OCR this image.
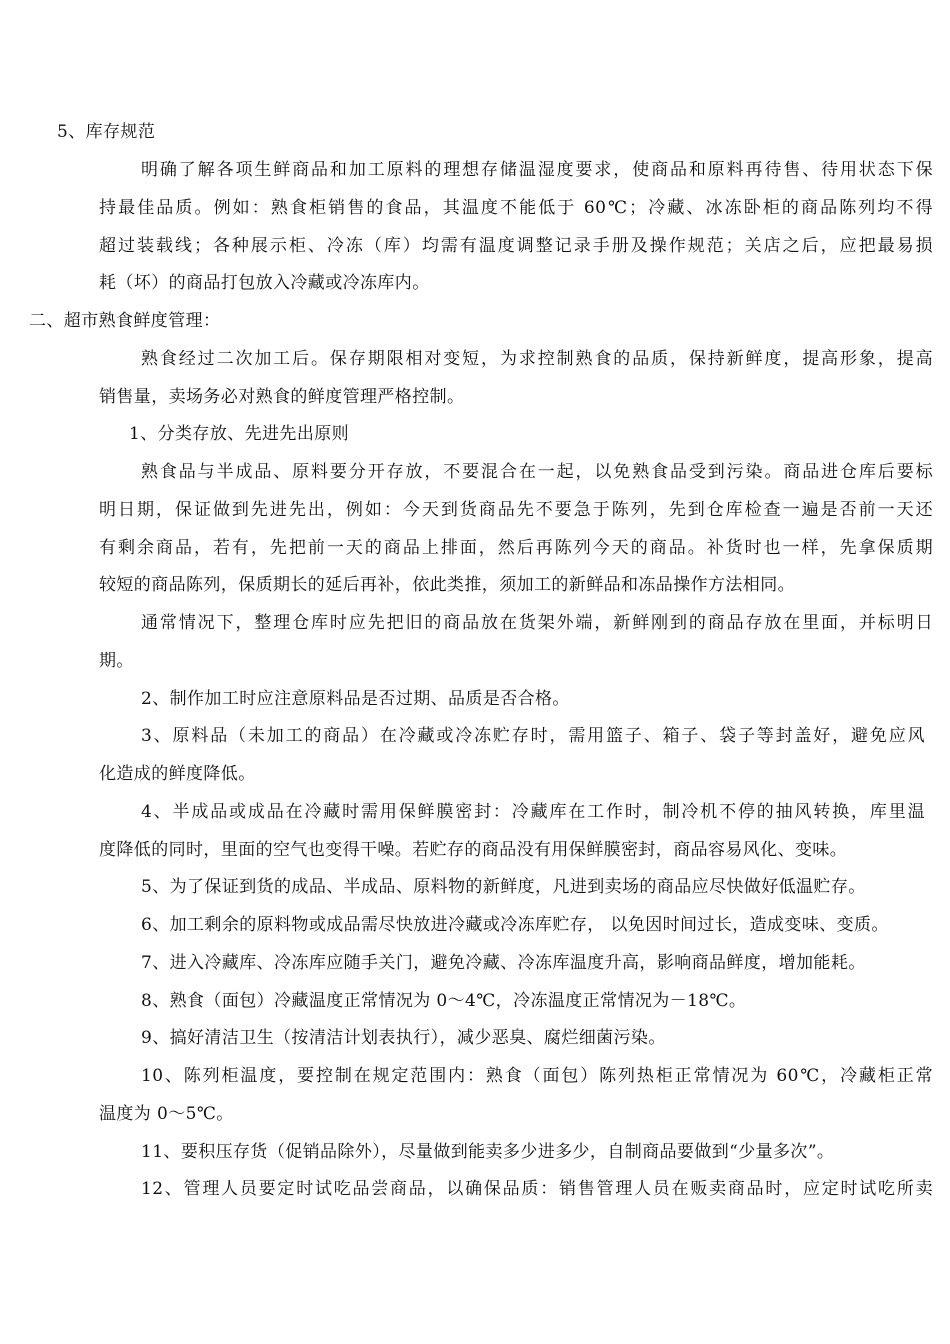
5、库存规范
明确了解各项生鲜商品和加工原料的理想存储温湿度要求，使商品和原料再待售、待用状态下保
持最佳品质。例如：熟食柜销售的食品，其温度不能低于 60℃；冷藏、冰冻卧柜的商品陈列均不得
超过装载线；各种展示柜、冷冻（库）均需有温度调整记录手册及操作规范；关店之后，应把最易损
耗（坏）的商品打包放入冷藏或冷冻库内。
二、超市熟食鲜度管理：
熟食经过二次加工后。保存期限相对变短，为求控制熟食的品质，保持新鲜度，提高形象，提高
销售量，卖场务必对熟食的鲜度管理严格控制。
1、分类存放、先进先出原则
熟食品与半成品、原料要分开存放，不要混合在一起，以免熟食品受到污染。商品进仓库后要标
明日期，保证做到先进先出，例如：今天到货商品先不要急于陈列，先到仓库检查一遍是否前一天还
有剩余商品，若有，先把前一天的商品上排面，然后再陈列今天的商品。补货时也一样，先拿保质期
较短的商品陈列，保质期长的延后再补，依此类推，须加工的新鲜品和冻品操作方法相同。
通常情况下，整理仓库时应先把旧的商品放在货架外端，新鲜刚到的商品存放在里面，并标明日
期。
2、制作加工时应注意原料品是否过期、品质是否合格。
3、原料品（未加工的商品）在冷藏或冷冻贮存时，需用篮子、箱子、袋子等封盖好，避免应风
化造成的鲜度降低。
4、半成品或成品在冷藏时需用保鲜膜密封：冷藏库在工作时，制冷机不停的抽风转换，库里温
度降低的同时，里面的空气也变得干噪。若贮存的商品没有用保鲜膜密封，商品容易风化、变味。
5、为了保证到货的成品、半成品、原料物的新鲜度，凡进到卖场的商品应尽快做好低温贮存。
6、加工剩余的原料物或成品需尽快放进冷藏或冷冻库贮存， 以免因时间过长，造成变味、变质。
7、进入冷藏库、冷冻库应随手关门，避免冷藏、冷冻库温度升高，影响商品鲜度，增加能耗。
8、熟食（面包）冷藏温度正常情况为 0～4℃，冷冻温度正常情况为－18℃。
9、搞好清洁卫生（按清洁计划表执行），减少恶臭、腐烂细菌污染。
10、陈列柜温度，要控制在规定范围内：熟食（面包）陈列热柜正常情况为 60℃，冷藏柜正常
温度为 0～5℃。
11、要积压存货（促销品除外），尽量做到能卖多少进多少，自制商品要做到“少量多次”。
12、管理人员要定时试吃品尝商品，以确保品质：销售管理人员在贩卖商品时，应定时试吃所卖
